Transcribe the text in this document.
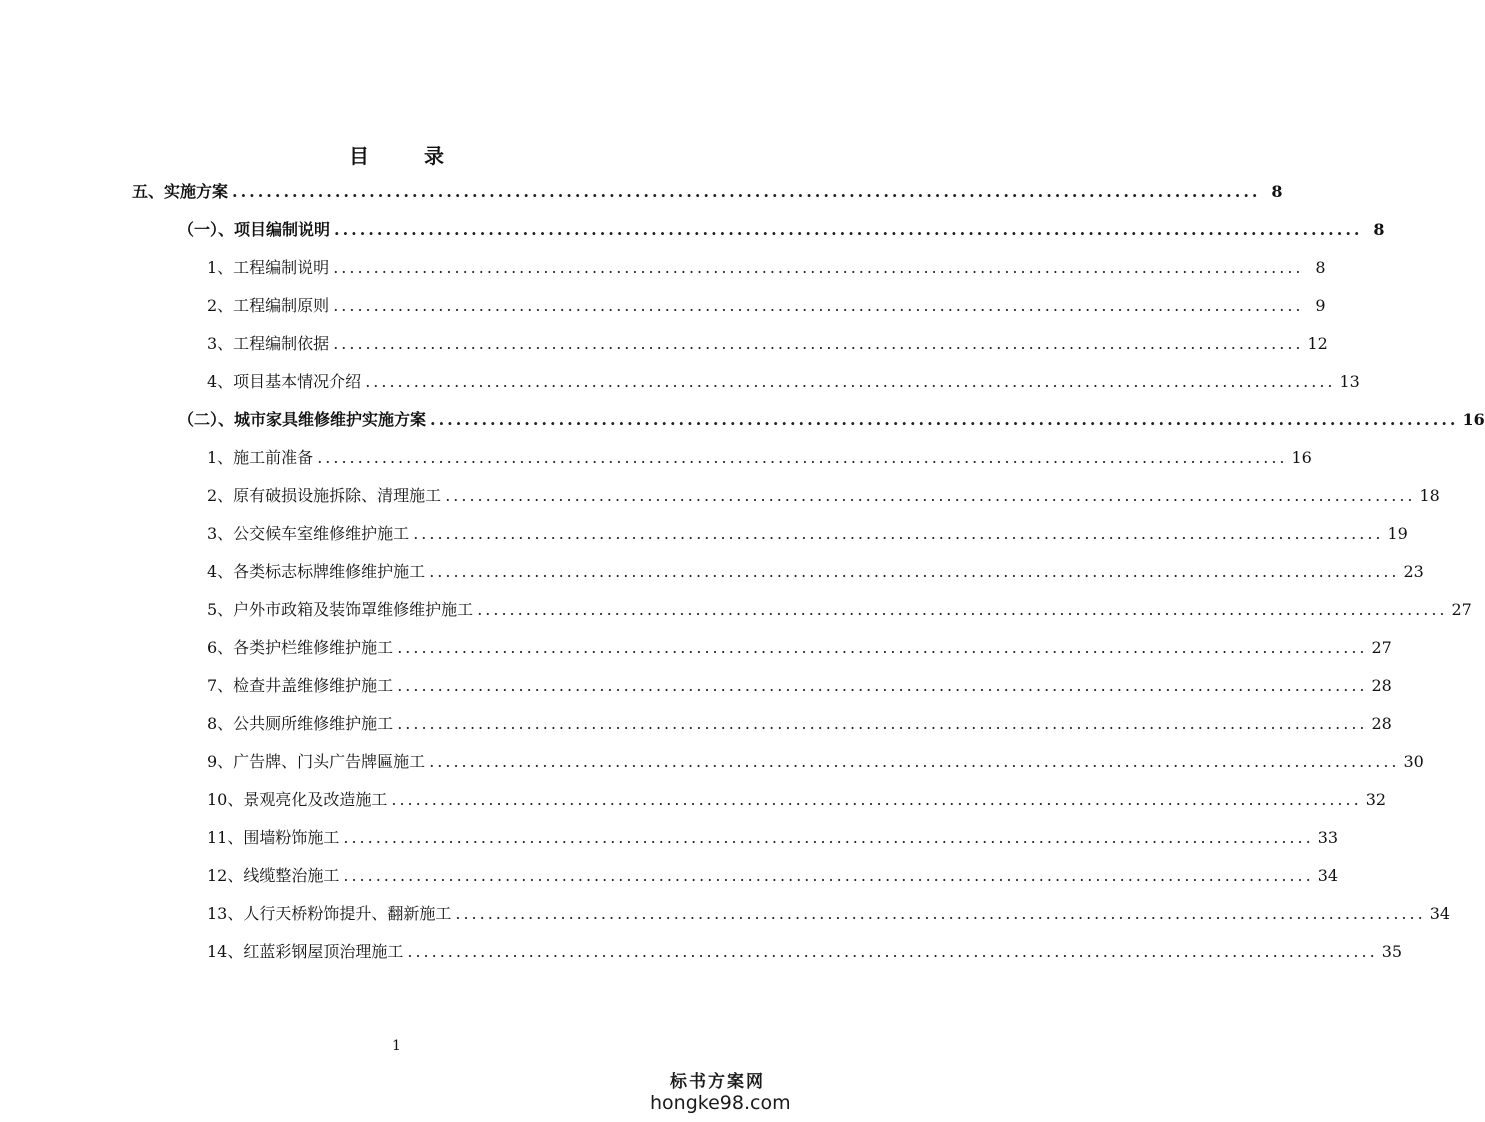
目 录
五、实施方案 ........................................................................................................................ 8
（一）、项目编制说明 ........................................................................................................................ 8
1、工程编制说明 ........................................................................................................................ 8
2、工程编制原则 ........................................................................................................................ 9
3、工程编制依据 ........................................................................................................................ 12
4、项目基本情况介绍 ........................................................................................................................ 13
（二）、城市家具维修维护实施方案 ........................................................................................................................ 16
1、施工前准备 ........................................................................................................................ 16
2、原有破损设施拆除、清理施工 ........................................................................................................................ 18
3、公交候车室维修维护施工 ........................................................................................................................ 19
4、各类标志标牌维修维护施工 ........................................................................................................................ 23
5、户外市政箱及装饰罩维修维护施工 ........................................................................................................................ 27
6、各类护栏维修维护施工 ........................................................................................................................ 27
7、检查井盖维修维护施工 ........................................................................................................................ 28
8、公共厕所维修维护施工 ........................................................................................................................ 28
9、广告牌、门头广告牌匾施工 ........................................................................................................................ 30
10、景观亮化及改造施工 ........................................................................................................................ 32
11、围墙粉饰施工 ........................................................................................................................ 33
12、线缆整治施工 ........................................................................................................................ 34
13、人行天桥粉饰提升、翻新施工 ........................................................................................................................ 34
14、红蓝彩钢屋顶治理施工 ........................................................................................................................ 35
1
标书方案网
hongke98.com
